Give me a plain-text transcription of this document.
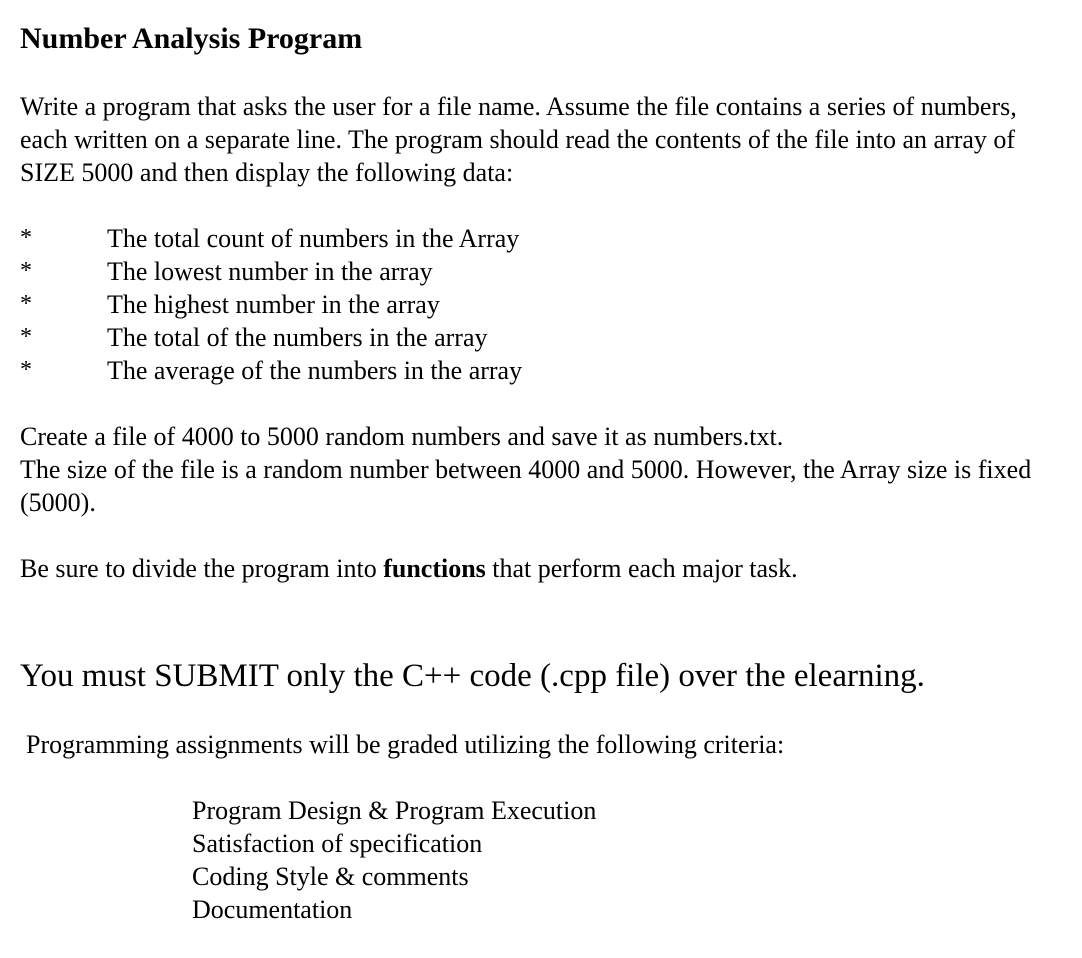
Number Analysis Program
Write a program that asks the user for a file name. Assume the file contains a series of numbers, each written on a separate line. The program should read the contents of the file into an array of SIZE 5000 and then display the following data:
*	The total count of numbers in the Array
*	The lowest number in the array
*	The highest number in the array
*	The total of the numbers in the array
*	The average of the numbers in the array
Create a file of 4000 to 5000 random numbers and save it as numbers.txt.
The size of the file is a random number between 4000 and 5000. However, the Array size is fixed (5000).
Be sure to divide the program into functions that perform each major task.
You must SUBMIT only the C++ code (.cpp file) over the elearning.
Programming assignments will be graded utilizing the following criteria:
Program Design & Program Execution
Satisfaction of specification
Coding Style & comments
Documentation
